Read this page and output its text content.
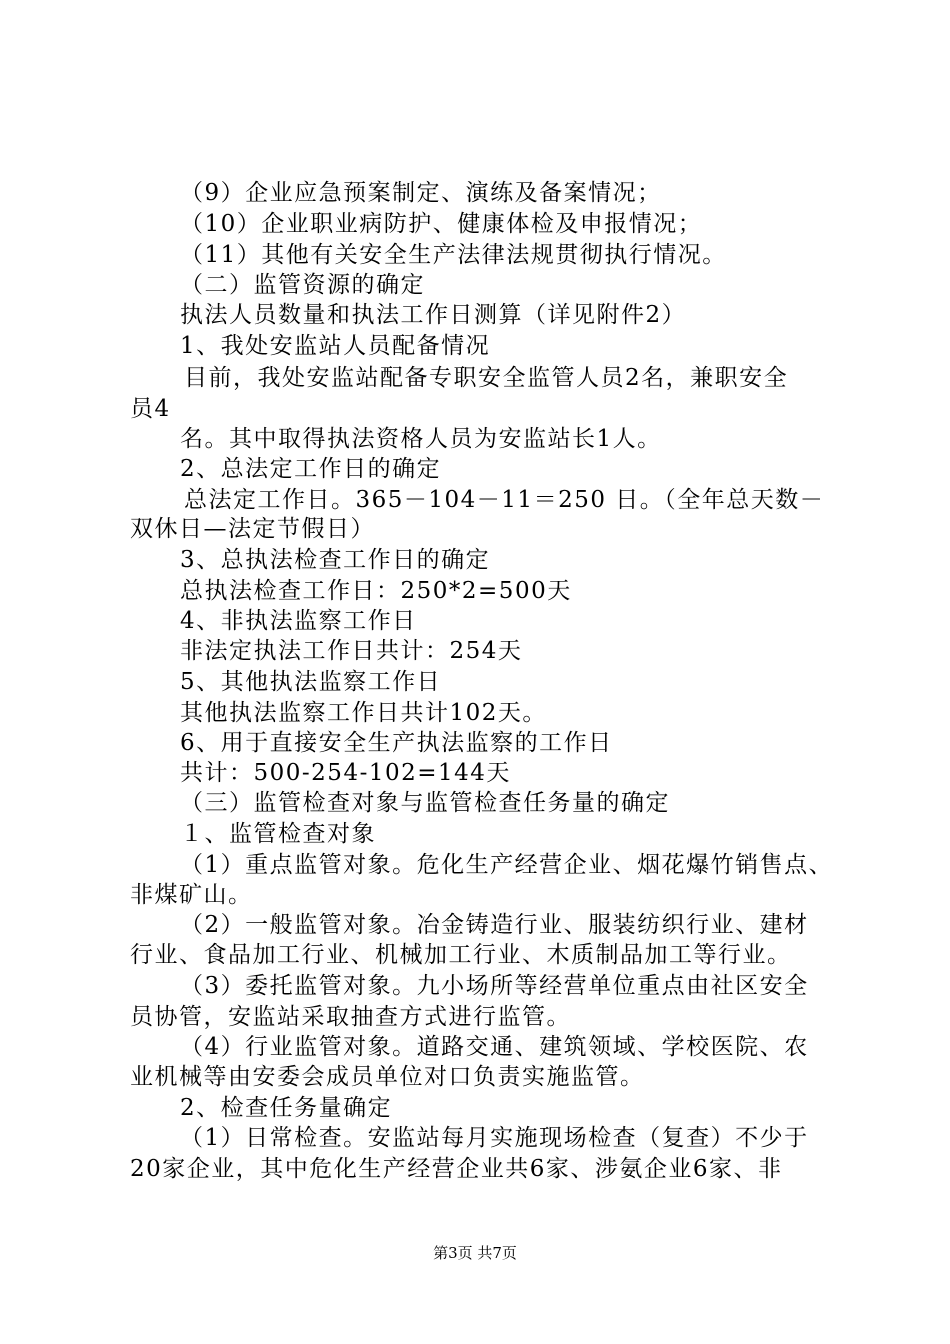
（9）企业应急预案制定、演练及备案情况；
（10）企业职业病防护、健康体检及申报情况；
（11）其他有关安全生产法律法规贯彻执行情况。
（二）监管资源的确定
执法人员数量和执法工作日测算（详见附件2）
1、我处安监站人员配备情况
目前，我处安监站配备专职安全监管人员2名，兼职安全
员4
名。其中取得执法资格人员为安监站长1人。
2、总法定工作日的确定
总法定工作日。365－104－11＝250 日。（全年总天数－
双休日—法定节假日）
3、总执法检查工作日的确定
总执法检查工作日：250*2=500天
4、非执法监察工作日
非法定执法工作日共计：254天
5、其他执法监察工作日
其他执法监察工作日共计102天。
6、用于直接安全生产执法监察的工作日
共计：500-254-102=144天
（三）监管检查对象与监管检查任务量的确定
１、监管检查对象
（1）重点监管对象。危化生产经营企业、烟花爆竹销售点、
非煤矿山。
（2）一般监管对象。冶金铸造行业、服装纺织行业、建材
行业、食品加工行业、机械加工行业、木质制品加工等行业。
（3）委托监管对象。九小场所等经营单位重点由社区安全
员协管，安监站采取抽查方式进行监管。
（4）行业监管对象。道路交通、建筑领域、学校医院、农
业机械等由安委会成员单位对口负责实施监管。
2、检查任务量确定
（1）日常检查。安监站每月实施现场检查（复查）不少于
20家企业，其中危化生产经营企业共6家、涉氨企业6家、非
第3页 共7页
